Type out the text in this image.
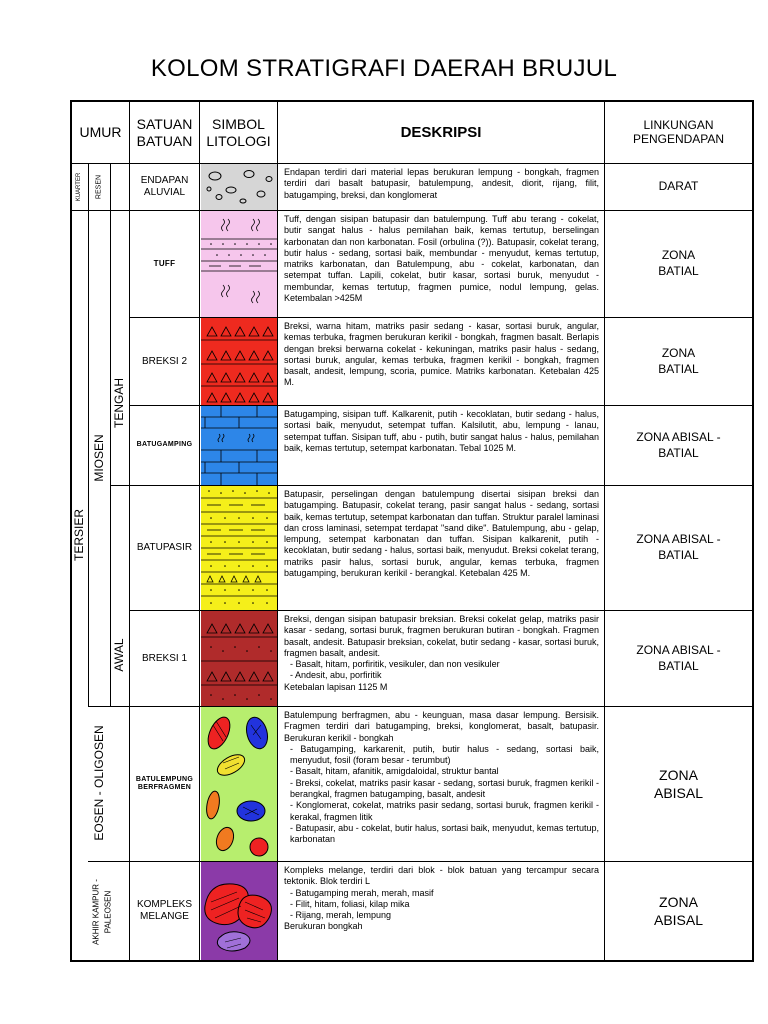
KOLOM STRATIGRAFI DAERAH BRUJUL
UMUR
SATUAN BATUAN
SIMBOL LITOLOGI	DESKRIPSI	LINKUNGAN PENGENDAPAN
KUARTER RESEN
TERSIER
MIOSEN
TENGAH
AWAL
EOSEN - OLIGOSEN
AKHIR KAMPUR - PALEOSEN
ENDAPAN ALUVIAL
TUFF
BREKSI 2
BATUGAMPING
BATUPASIR
BREKSI 1
BATULEMPUNG BERFRAGMEN
KOMPLEKS MELANGE
Endapan terdiri dari material lepas berukuran lempung - bongkah, fragmen terdiri dari basalt batupasir, batulempung, andesit, diorit, rijang, filit, batugamping, breksi, dan konglomerat
Tuff, dengan sisipan batupasir dan batulempung. Tuff abu terang - cokelat, butir sangat halus - halus pemilahan baik, kemas tertutup, berselingan karbonatan dan non karbonatan. Fosil (orbulina (?)). Batupasir, cokelat terang, butir halus - sedang, sortasi baik, membundar - menyudut, kemas tertutup, matriks karbonatan, dan Batulempung, abu - cokelat, karbonatan, dan setempat tuffan. Lapili, cokelat, butir kasar, sortasi buruk, menyudut - membundar, kemas tertutup, fragmen pumice, nodul lempung, gelas. Ketembalan >425M
Breksi, warna hitam, matriks pasir sedang - kasar, sortasi buruk, angular, kemas terbuka, fragmen berukuran kerikil - bongkah, fragmen basalt. Berlapis dengan breksi berwarna cokelat - kekuningan, matriks pasir halus - sedang, sortasi buruk, angular, kemas terbuka, fragmen kerikil - bongkah, fragmen basalt, andesit, lempung, scoria, pumice. Matriks karbonatan. Ketebalan 425 M.
Batugamping, sisipan tuff. Kalkarenit, putih - kecoklatan, butir sedang - halus, sortasi baik, menyudut, setempat tuffan. Kalsilutit, abu, lempung - lanau, setempat tuffan. Sisipan tuff, abu - putih, butir sangat halus - halus, pemilahan baik, kemas tertutup, setempat karbonatan. Tebal 1025 M.
Batupasir, perselingan dengan batulempung disertai sisipan breksi dan batugamping. Batupasir, cokelat terang, pasir sangat halus - sedang, sortasi baik, kemas tertutup, setempat karbonatan dan tuffan. Struktur paralel laminasi dan cross laminasi, setempat terdapat "sand dike". Batulempung, abu - gelap, lempung, setempat karbonatan dan tuffan. Sisipan kalkarenit, putih - kecoklatan, butir sedang - halus, sortasi baik, menyudut. Breksi cokelat terang, matriks pasir halus, sortasi buruk, angular, kemas terbuka, fragmen batugamping, berukuran kerikil - berangkal. Ketebalan 425 M.
Breksi, dengan sisipan batupasir breksian. Breksi cokelat gelap, matriks pasir kasar - sedang, sortasi buruk, fragmen berukuran butiran - bongkah. Fragmen basalt, andesit. Batupasir breksian, cokelat, butir sedang - kasar, sortasi buruk, fragmen basalt, andesit.
- Basalt, hitam, porfiritik, vesikuler, dan non vesikuler
- Andesit, abu, porfiritik
Ketebalan lapisan 1125 M
Batulempung berfragmen, abu - keunguan, masa dasar lempung. Bersisik. Fragmen terdiri dari batugamping, breksi, konglomerat, basalt, batupasir. Berukuran kerikil - bongkah
- Batugamping, karkarenit, putih, butir halus - sedang, sortasi baik, menyudut, fosil (foram besar - terumbut)
- Basalt, hitam, afanitik, amigdaloidal, struktur bantal
- Breksi, cokelat, matriks pasir kasar - sedang, sortasi buruk, fragmen kerikil - berangkal, fragmen batugamping, basalt, andesit
- Konglomerat, cokelat, matriks pasir sedang, sortasi buruk, fragmen kerikil - kerakal, fragmen litik
- Batupasir, abu - cokelat, butir halus, sortasi baik, menyudut, kemas tertutup, karbonatan
Kompleks melange, terdiri dari blok - blok batuan yang tercampur secara tektonik. Blok terdiri L
- Batugamping merah, merah, masif
- Filit, hitam, foliasi, kilap mika
- Rijang, merah, lempung
Berukuran bongkah
DARAT
ZONA BATIAL
ZONA BATIAL
ZONA ABISAL - BATIAL
ZONA ABISAL - BATIAL
ZONA ABISAL - BATIAL
ZONA ABISAL
ZONA ABISAL
